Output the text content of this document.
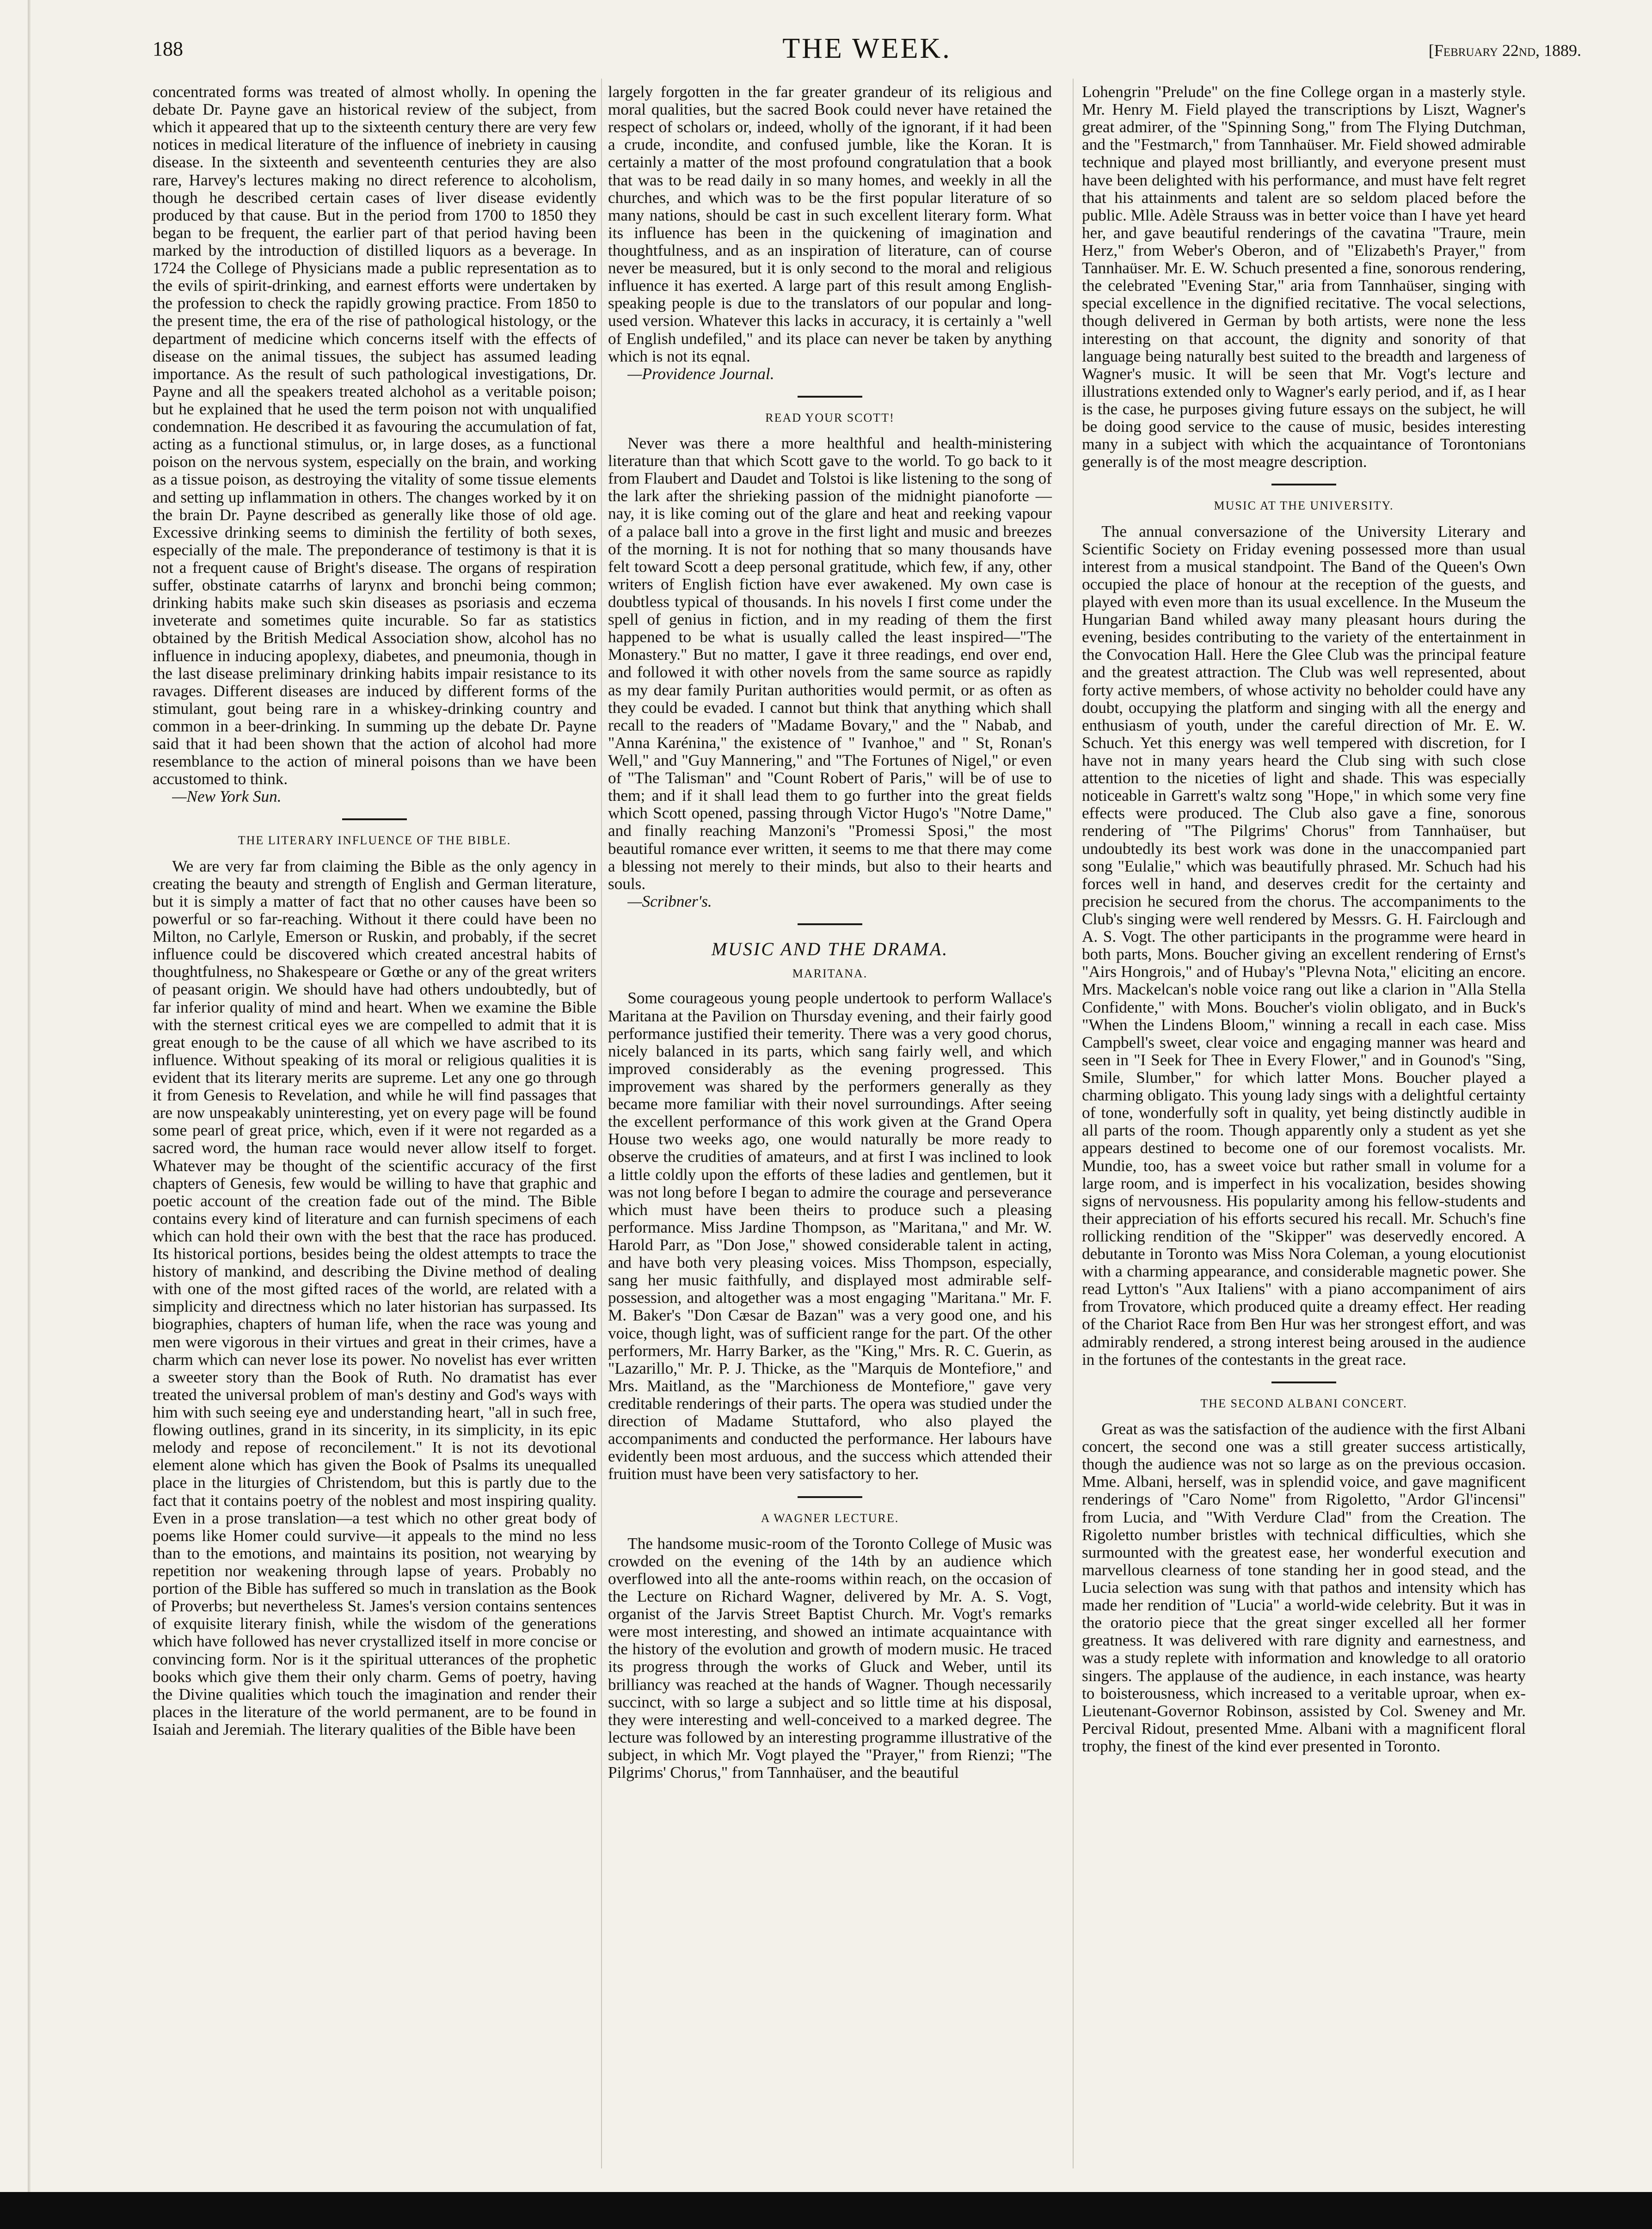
188	THE WEEK.	[February 22nd, 1889.

concentrated forms was treated of almost wholly. In opening the debate Dr. Payne gave an historical review of the subject, from which it appeared that up to the sixteenth century there are very few notices in medical literature of the influence of inebriety in causing disease. In the sixteenth and seventeenth centuries they are also rare, Harvey's lectures making no direct reference to alcoholism, though he described certain cases of liver disease evidently produced by that cause. But in the period from 1700 to 1850 they began to be frequent, the earlier part of that period having been marked by the introduction of distilled liquors as a beverage. In 1724 the College of Physicians made a public representation as to the evils of spirit-drinking, and earnest efforts were undertaken by the profession to check the rapidly growing practice. From 1850 to the present time, the era of the rise of pathological histology, or the department of medicine which concerns itself with the effects of disease on the animal tissues, the subject has assumed leading importance. As the result of such pathological investigations, Dr. Payne and all the speakers treated alchohol as a veritable poison; but he explained that he used the term poison not with unqualified condemnation. He described it as favouring the accumulation of fat, acting as a functional stimulus, or, in large doses, as a functional poison on the nervous system, especially on the brain, and working as a tissue poison, as destroying the vitality of some tissue elements and setting up inflammation in others. The changes worked by it on the brain Dr. Payne described as generally like those of old age. Excessive drinking seems to diminish the fertility of both sexes, especially of the male. The preponderance of testimony is that it is not a frequent cause of Bright's disease. The organs of respiration suffer, obstinate catarrhs of larynx and bronchi being common; drinking habits make such skin diseases as psoriasis and eczema inveterate and sometimes quite incurable. So far as statistics obtained by the British Medical Association show, alcohol has no influence in inducing apoplexy, diabetes, and pneumonia, though in the last disease preliminary drinking habits impair resistance to its ravages. Different diseases are induced by different forms of the stimulant, gout being rare in a whiskey-drinking country and common in a beer-drinking. In summing up the debate Dr. Payne said that it had been shown that the action of alcohol had more resemblance to the action of mineral poisons than we have been accustomed to think.

—New York Sun.

THE LITERARY INFLUENCE OF THE BIBLE.

We are very far from claiming the Bible as the only agency in creating the beauty and strength of English and German literature, but it is simply a matter of fact that no other causes have been so powerful or so far-reaching. Without it there could have been no Milton, no Carlyle, Emerson or Ruskin, and probably, if the secret influence could be discovered which created ancestral habits of thoughtfulness, no Shakespeare or Gœthe or any of the great writers of peasant origin. We should have had others undoubtedly, but of far inferior quality of mind and heart. When we examine the Bible with the sternest critical eyes we are compelled to admit that it is great enough to be the cause of all which we have ascribed to its influence. Without speaking of its moral or religious qualities it is evident that its literary merits are supreme. Let any one go through it from Genesis to Revelation, and while he will find passages that are now unspeakably uninteresting, yet on every page will be found some pearl of great price, which, even if it were not regarded as a sacred word, the human race would never allow itself to forget. Whatever may be thought of the scientific accuracy of the first chapters of Genesis, few would be willing to have that graphic and poetic account of the creation fade out of the mind. The Bible contains every kind of literature and can furnish specimens of each which can hold their own with the best that the race has produced. Its historical portions, besides being the oldest attempts to trace the history of mankind, and describing the Divine method of dealing with one of the most gifted races of the world, are related with a simplicity and directness which no later historian has surpassed. Its biographies, chapters of human life, when the race was young and men were vigorous in their virtues and great in their crimes, have a charm which can never lose its power. No novelist has ever written a sweeter story than the Book of Ruth. No dramatist has ever treated the universal problem of man's destiny and God's ways with him with such seeing eye and understanding heart, "all in such free, flowing outlines, grand in its sincerity, in its simplicity, in its epic melody and repose of reconcilement." It is not its devotional element alone which has given the Book of Psalms its unequalled place in the liturgies of Christendom, but this is partly due to the fact that it contains poetry of the noblest and most inspiring quality. Even in a prose translation—a test which no other great body of poems like Homer could survive—it appeals to the mind no less than to the emotions, and maintains its position, not wearying by repetition nor weakening through lapse of years. Probably no portion of the Bible has suffered so much in translation as the Book of Proverbs; but nevertheless St. James's version contains sentences of exquisite literary finish, while the wisdom of the generations which have followed has never crystallized itself in more concise or convincing form. Nor is it the spiritual utterances of the prophetic books which give them their only charm. Gems of poetry, having the Divine qualities which touch the imagination and render their places in the literature of the world permanent, are to be found in Isaiah and Jeremiah. The literary qualities of the Bible have been

largely forgotten in the far greater grandeur of its religious and moral qualities, but the sacred Book could never have retained the respect of scholars or, indeed, wholly of the ignorant, if it had been a crude, incondite, and confused jumble, like the Koran. It is certainly a matter of the most profound congratulation that a book that was to be read daily in so many homes, and weekly in all the churches, and which was to be the first popular literature of so many nations, should be cast in such excellent literary form. What its influence has been in the quickening of imagination and thoughtfulness, and as an inspiration of literature, can of course never be measured, but it is only second to the moral and religious influence it has exerted. A large part of this result among English-speaking people is due to the translators of our popular and long-used version. Whatever this lacks in accuracy, it is certainly a "well of English undefiled," and its place can never be taken by anything which is not its eqnal.

—Providence Journal.

READ YOUR SCOTT!

Never was there a more healthful and health-ministering literature than that which Scott gave to the world. To go back to it from Flaubert and Daudet and Tolstoi is like listening to the song of the lark after the shrieking passion of the midnight pianoforte —nay, it is like coming out of the glare and heat and reeking vapour of a palace ball into a grove in the first light and music and breezes of the morning. It is not for nothing that so many thousands have felt toward Scott a deep personal gratitude, which few, if any, other writers of English fiction have ever awakened. My own case is doubtless typical of thousands. In his novels I first come under the spell of genius in fiction, and in my reading of them the first happened to be what is usually called the least inspired—"The Monastery." But no matter, I gave it three readings, end over end, and followed it with other novels from the same source as rapidly as my dear family Puritan authorities would permit, or as often as they could be evaded. I cannot but think that anything which shall recall to the readers of "Madame Bovary," and the " Nabab, and "Anna Karénina," the existence of " Ivanhoe," and " St, Ronan's Well," and "Guy Mannering," and "The Fortunes of Nigel," or even of "The Talisman" and "Count Robert of Paris," will be of use to them; and if it shall lead them to go further into the great fields which Scott opened, passing through Victor Hugo's "Notre Dame," and finally reaching Manzoni's "Promessi Sposi," the most beautiful romance ever written, it seems to me that there may come a blessing not merely to their minds, but also to their hearts and souls.

—Scribner's.

MUSIC AND THE DRAMA.
MARITANA.

Some courageous young people undertook to perform Wallace's Maritana at the Pavilion on Thursday evening, and their fairly good performance justified their temerity. There was a very good chorus, nicely balanced in its parts, which sang fairly well, and which improved considerably as the evening progressed. This improvement was shared by the performers generally as they became more familiar with their novel surroundings. After seeing the excellent performance of this work given at the Grand Opera House two weeks ago, one would naturally be more ready to observe the crudities of amateurs, and at first I was inclined to look a little coldly upon the efforts of these ladies and gentlemen, but it was not long before I began to admire the courage and perseverance which must have been theirs to produce such a pleasing performance. Miss Jardine Thompson, as "Maritana," and Mr. W. Harold Parr, as "Don Jose," showed considerable talent in acting, and have both very pleasing voices. Miss Thompson, especially, sang her music faithfully, and displayed most admirable self-possession, and altogether was a most engaging "Maritana." Mr. F. M. Baker's "Don Cæsar de Bazan" was a very good one, and his voice, though light, was of sufficient range for the part. Of the other performers, Mr. Harry Barker, as the "King," Mrs. R. C. Guerin, as "Lazarillo," Mr. P. J. Thicke, as the "Marquis de Montefiore," and Mrs. Maitland, as the "Marchioness de Montefiore," gave very creditable renderings of their parts. The opera was studied under the direction of Madame Stuttaford, who also played the accompaniments and conducted the performance. Her labours have evidently been most arduous, and the success which attended their fruition must have been very satisfactory to her.

A WAGNER LECTURE.

The handsome music-room of the Toronto College of Music was crowded on the evening of the 14th by an audience which overflowed into all the ante-rooms within reach, on the occasion of the Lecture on Richard Wagner, delivered by Mr. A. S. Vogt, organist of the Jarvis Street Baptist Church. Mr. Vogt's remarks were most interesting, and showed an intimate acquaintance with the history of the evolution and growth of modern music. He traced its progress through the works of Gluck and Weber, until its brilliancy was reached at the hands of Wagner. Though necessarily succinct, with so large a subject and so little time at his disposal, they were interesting and well-conceived to a marked degree. The lecture was followed by an interesting programme illustrative of the subject, in which Mr. Vogt played the "Prayer," from Rienzi; "The Pilgrims' Chorus," from Tannhaüser, and the beautiful

Lohengrin "Prelude" on the fine College organ in a masterly style. Mr. Henry M. Field played the transcriptions by Liszt, Wagner's great admirer, of the "Spinning Song," from The Flying Dutchman, and the "Festmarch," from Tannhaüser. Mr. Field showed admirable technique and played most brilliantly, and everyone present must have been delighted with his performance, and must have felt regret that his attainments and talent are so seldom placed before the public. Mlle. Adèle Strauss was in better voice than I have yet heard her, and gave beautiful renderings of the cavatina "Traure, mein Herz," from Weber's Oberon, and of "Elizabeth's Prayer," from Tannhaüser. Mr. E. W. Schuch presented a fine, sonorous rendering, the celebrated "Evening Star," aria from Tannhaüser, singing with special excellence in the dignified recitative. The vocal selections, though delivered in German by both artists, were none the less interesting on that account, the dignity and sonority of that language being naturally best suited to the breadth and largeness of Wagner's music. It will be seen that Mr. Vogt's lecture and illustrations extended only to Wagner's early period, and if, as I hear is the case, he purposes giving future essays on the subject, he will be doing good service to the cause of music, besides interesting many in a subject with which the acquaintance of Torontonians generally is of the most meagre description.

MUSIC AT THE UNIVERSITY.

The annual conversazione of the University Literary and Scientific Society on Friday evening possessed more than usual interest from a musical standpoint. The Band of the Queen's Own occupied the place of honour at the reception of the guests, and played with even more than its usual excellence. In the Museum the Hungarian Band whiled away many pleasant hours during the evening, besides contributing to the variety of the entertainment in the Convocation Hall. Here the Glee Club was the principal feature and the greatest attraction. The Club was well represented, about forty active members, of whose activity no beholder could have any doubt, occupying the platform and singing with all the energy and enthusiasm of youth, under the careful direction of Mr. E. W. Schuch. Yet this energy was well tempered with discretion, for I have not in many years heard the Club sing with such close attention to the niceties of light and shade. This was especially noticeable in Garrett's waltz song "Hope," in which some very fine effects were produced. The Club also gave a fine, sonorous rendering of "The Pilgrims' Chorus" from Tannhaüser, but undoubtedly its best work was done in the unaccompanied part song "Eulalie," which was beautifully phrased. Mr. Schuch had his forces well in hand, and deserves credit for the certainty and precision he secured from the chorus. The accompaniments to the Club's singing were well rendered by Messrs. G. H. Fairclough and A. S. Vogt. The other participants in the programme were heard in both parts, Mons. Boucher giving an excellent rendering of Ernst's "Airs Hongrois," and of Hubay's "Plevna Nota," eliciting an encore. Mrs. Mackelcan's noble voice rang out like a clarion in "Alla Stella Confidente," with Mons. Boucher's violin obligato, and in Buck's "When the Lindens Bloom," winning a recall in each case. Miss Campbell's sweet, clear voice and engaging manner was heard and seen in "I Seek for Thee in Every Flower," and in Gounod's "Sing, Smile, Slumber," for which latter Mons. Boucher played a charming obligato. This young lady sings with a delightful certainty of tone, wonderfully soft in quality, yet being distinctly audible in all parts of the room. Though apparently only a student as yet she appears destined to become one of our foremost vocalists. Mr. Mundie, too, has a sweet voice but rather small in volume for a large room, and is imperfect in his vocalization, besides showing signs of nervousness. His popularity among his fellow-students and their appreciation of his efforts secured his recall. Mr. Schuch's fine rollicking rendition of the "Skipper" was deservedly encored. A debutante in Toronto was Miss Nora Coleman, a young elocutionist with a charming appearance, and considerable magnetic power. She read Lytton's "Aux Italiens" with a piano accompaniment of airs from Trovatore, which produced quite a dreamy effect. Her reading of the Chariot Race from Ben Hur was her strongest effort, and was admirably rendered, a strong interest being aroused in the audience in the fortunes of the contestants in the great race.

THE SECOND ALBANI CONCERT.

Great as was the satisfaction of the audience with the first Albani concert, the second one was a still greater success artistically, though the audience was not so large as on the previous occasion. Mme. Albani, herself, was in splendid voice, and gave magnificent renderings of "Caro Nome" from Rigoletto, "Ardor Gl'incensi" from Lucia, and "With Verdure Clad" from the Creation. The Rigoletto number bristles with technical difficulties, which she surmounted with the greatest ease, her wonderful execution and marvellous clearness of tone standing her in good stead, and the Lucia selection was sung with that pathos and intensity which has made her rendition of "Lucia" a world-wide celebrity. But it was in the oratorio piece that the great singer excelled all her former greatness. It was delivered with rare dignity and earnestness, and was a study replete with information and knowledge to all oratorio singers. The applause of the audience, in each instance, was hearty to boisterousness, which increased to a veritable uproar, when ex-Lieutenant-Governor Robinson, assisted by Col. Sweney and Mr. Percival Ridout, presented Mme. Albani with a magnificent floral trophy, the finest of the kind ever presented in Toronto.
